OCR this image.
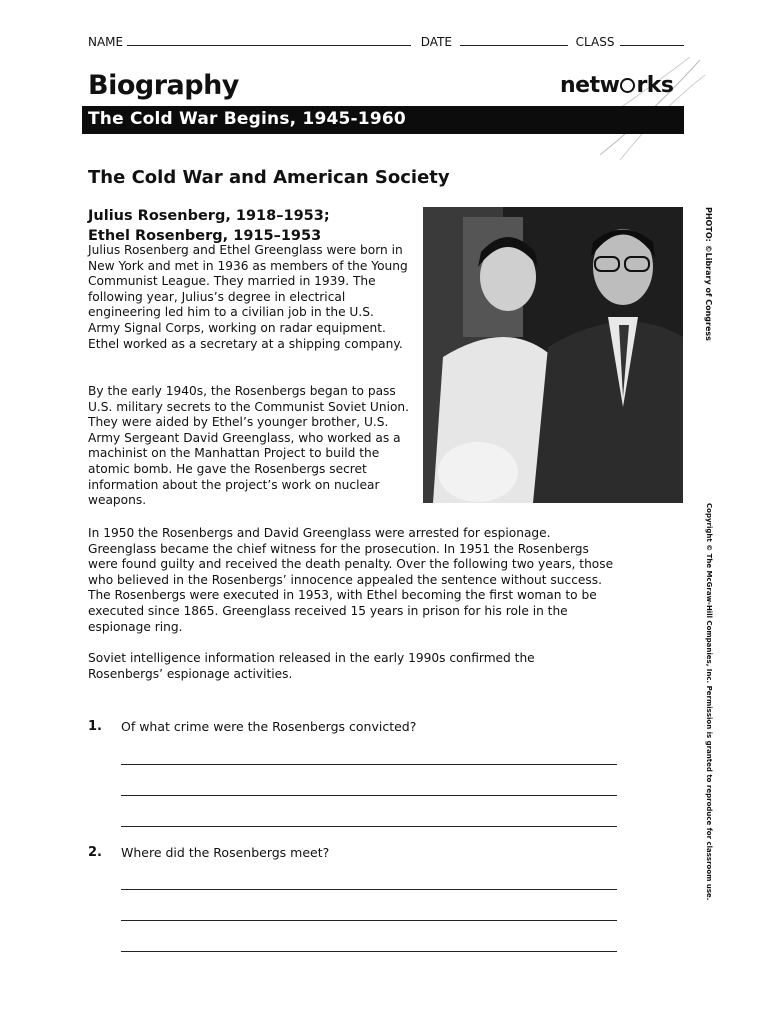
NAME	DATE	CLASS
Biography	netw rks
The Cold War Begins, 1945-1960
The Cold War and American Society
Julius Rosenberg, 1918–1953;
Ethel Rosenberg, 1915–1953

Julius Rosenberg and Ethel Greenglass were born in New York and met in 1936 as members of the Young Communist League. They married in 1939. The following year, Julius’s degree in electrical engineering led him to a civilian job in the U.S. Army Signal Corps, working on radar equipment. Ethel worked as a secretary at a shipping company.

By the early 1940s, the Rosenbergs began to pass U.S. military secrets to the Communist Soviet Union. They were aided by Ethel’s younger brother, U.S. Army Sergeant David Greenglass, who worked as a machinist on the Manhattan Project to build the atomic bomb. He gave the Rosenbergs secret information about the project’s work on nuclear weapons.

PHOTO: ©Library of Congress
Copyright © The McGraw-Hill Companies, Inc. Permission is granted to reproduce for classroom use.

In 1950 the Rosenbergs and David Greenglass were arrested for espionage. Greenglass became the chief witness for the prosecution. In 1951 the Rosenbergs were found guilty and received the death penalty. Over the following two years, those who believed in the Rosenbergs’ innocence appealed the sentence without success. The Rosenbergs were executed in 1953, with Ethel becoming the first woman to be executed since 1865. Greenglass received 15 years in prison for his role in the espionage ring.

Soviet intelligence information released in the early 1990s confirmed the Rosenbergs’ espionage activities.

1. Of what crime were the Rosenbergs convicted?
2. Where did the Rosenbergs meet?
